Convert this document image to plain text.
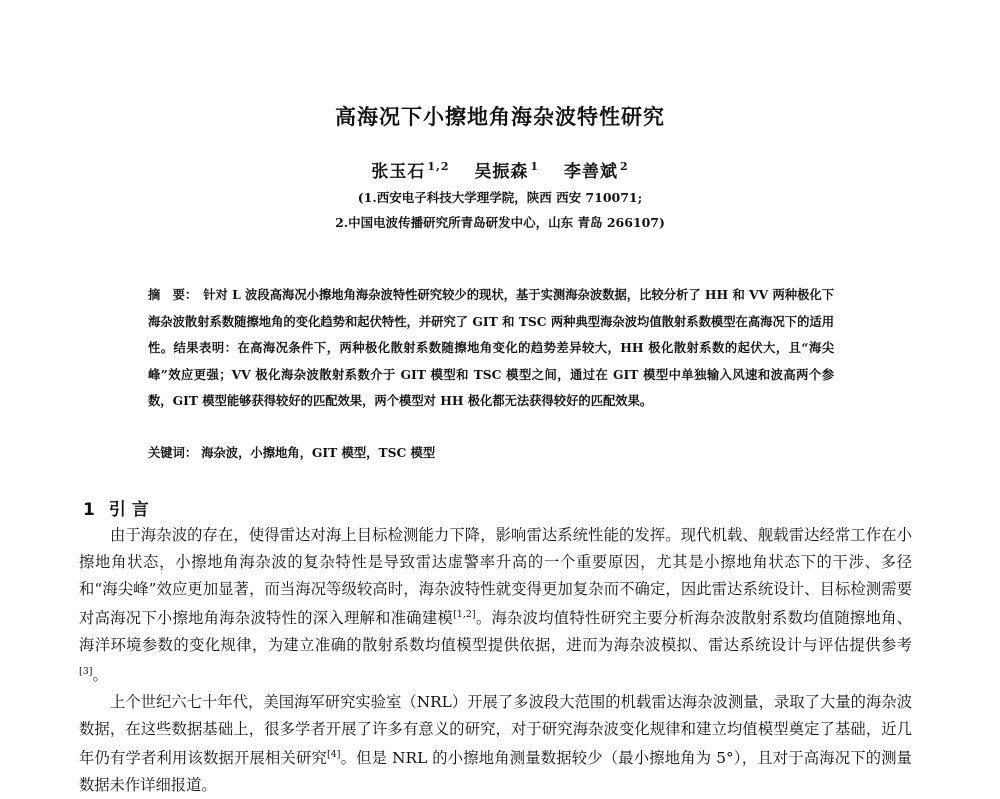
高海况下小擦地角海杂波特性研究
张玉石 $^{1,2}$ 吴振森 $^1$ 李善斌 $^2$
(1.西安电子科技大学理学院，陕西 西安 710071;
2.中国电波传播研究所青岛研发中心，山东 青岛 266107)
摘　要： 针对 L 波段高海况小擦地角海杂波特性研究较少的现状，基于实测海杂波数据，比较分析了 HH 和 VV 两种极化下海杂波散射系数随擦地角的变化趋势和起伏特性，并研究了 GIT 和 TSC 两种典型海杂波均值散射系数模型在高海况下的适用性。结果表明：在高海况条件下，两种极化散射系数随擦地角变化的趋势差异较大，HH 极化散射系数的起伏大，且“海尖峰”效应更强；VV 极化海杂波散射系数介于 GIT 模型和 TSC 模型之间，通过在 GIT 模型中单独输入风速和波高两个参数，GIT 模型能够获得较好的匹配效果，两个模型对 HH 极化都无法获得较好的匹配效果。
关键词： 海杂波，小擦地角，GIT 模型，TSC 模型
1 引 言

由于海杂波的存在，使得雷达对海上目标检测能力下降，影响雷达系统性能的发挥。现代机载、舰载雷达经常工作在小擦地角状态，小擦地角海杂波的复杂特性是导致雷达虚警率升高的一个重要原因，尤其是小擦地角状态下的干涉、多径和“海尖峰”效应更加显著，而当海况等级较高时，海杂波特性就变得更加复杂而不确定，因此雷达系统设计、目标检测需要对高海况下小擦地角海杂波特性的深入理解和准确建模[1,2]。海杂波均值特性研究主要分析海杂波散射系数均值随擦地角、海洋环境参数的变化规律，为建立准确的散射系数均值模型提供依据，进而为海杂波模拟、雷达系统设计与评估提供参考[3]。

上个世纪六七十年代，美国海军研究实验室（NRL）开展了多波段大范围的机载雷达海杂波测量，录取了大量的海杂波数据，在这些数据基础上，很多学者开展了许多有意义的研究，对于研究海杂波变化规律和建立均值模型奠定了基础，近几年仍有学者利用该数据开展相关研究[4]。但是 NRL 的小擦地角测量数据较少（最小擦地角为 5°），且对于高海况下的测量数据未作详细报道。
